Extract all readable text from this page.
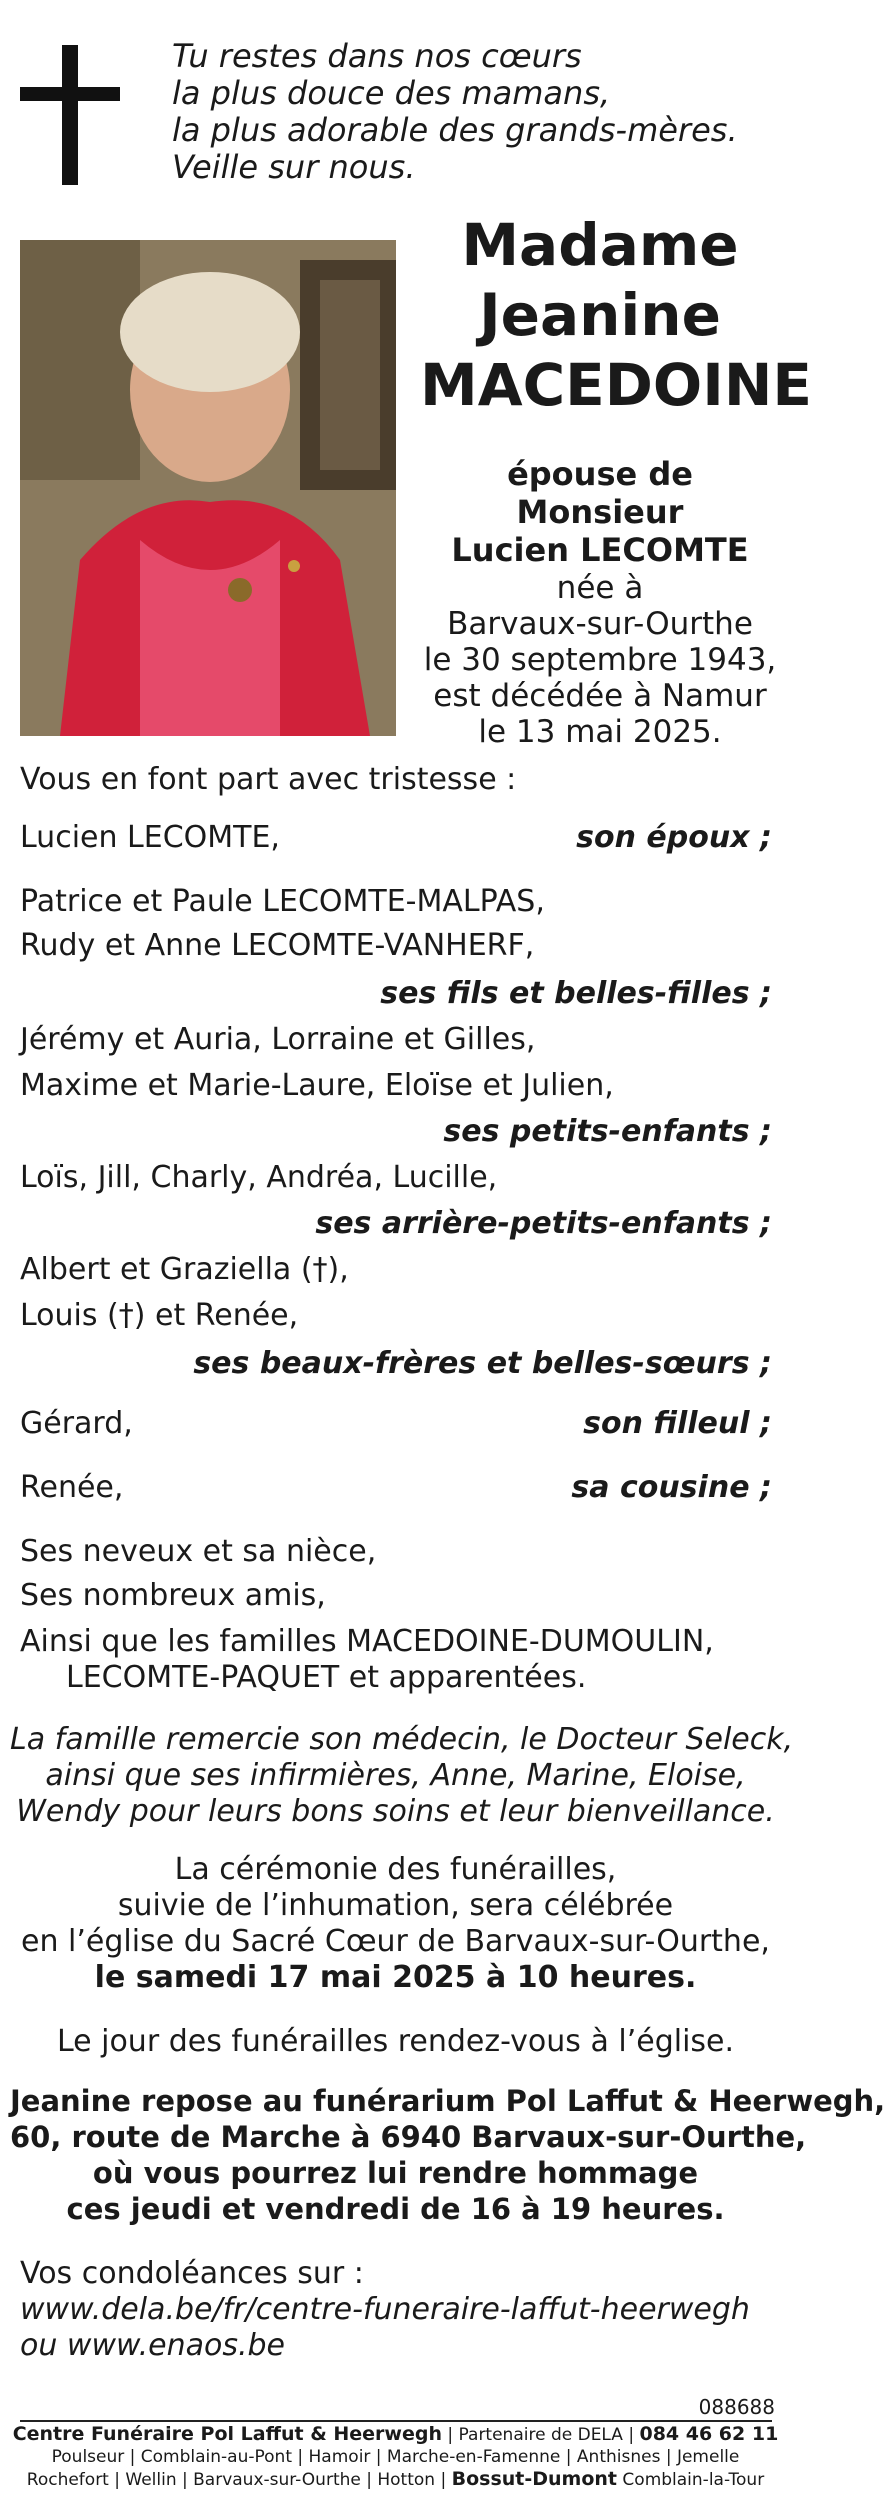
Tu restes dans nos cœurs
la plus douce des mamans,
la plus adorable des grands-mères.
Veille sur nous.
Madame
Jeanine
MACEDOINE
épouse de Monsieur
Lucien LECOMTE
née à
Barvaux-sur-Ourthe
le 30 septembre 1943,
est décédée à Namur
le 13 mai 2025.
Vous en font part avec tristesse :
Lucien LECOMTE,	son époux ;
Patrice et Paule LECOMTE-MALPAS,
Rudy et Anne LECOMTE-VANHERF,
ses fils et belles-filles ;
Jérémy et Auria, Lorraine et Gilles,
Maxime et Marie-Laure, Eloïse et Julien,
ses petits-enfants ;
Loïs, Jill, Charly, Andréa, Lucille,
ses arrière-petits-enfants ;
Albert et Graziella (†),
Louis (†) et Renée,
ses beaux-frères et belles-sœurs ;
Gérard,	son filleul ;
Renée,	sa cousine ;
Ses neveux et sa nièce,
Ses nombreux amis,
Ainsi que les familles MACEDOINE-DUMOULIN,
LECOMTE-PAQUET et apparentées.
La famille remercie son médecin, le Docteur Seleck,
ainsi que ses infirmières, Anne, Marine, Eloise,
Wendy pour leurs bons soins et leur bienveillance.
La cérémonie des funérailles,
suivie de l’inhumation, sera célébrée
en l’église du Sacré Cœur de Barvaux-sur-Ourthe,
le samedi 17 mai 2025 à 10 heures.
Le jour des funérailles rendez-vous à l’église.
Jeanine repose au funérarium Pol Laffut & Heerwegh,
60, route de Marche à 6940 Barvaux-sur-Ourthe,
où vous pourrez lui rendre hommage
ces jeudi et vendredi de 16 à 19 heures.
Vos condoléances sur :
www.dela.be/fr/centre-funeraire-laffut-heerwegh
ou www.enaos.be
088688
Centre Funéraire Pol Laffut & Heerwegh | Partenaire de DELA | 084 46 62 11
Poulseur | Comblain-au-Pont | Hamoir | Marche-en-Famenne | Anthisnes | Jemelle
Rochefort | Wellin | Barvaux-sur-Ourthe | Hotton | Bossut-Dumont Comblain-la-Tour
